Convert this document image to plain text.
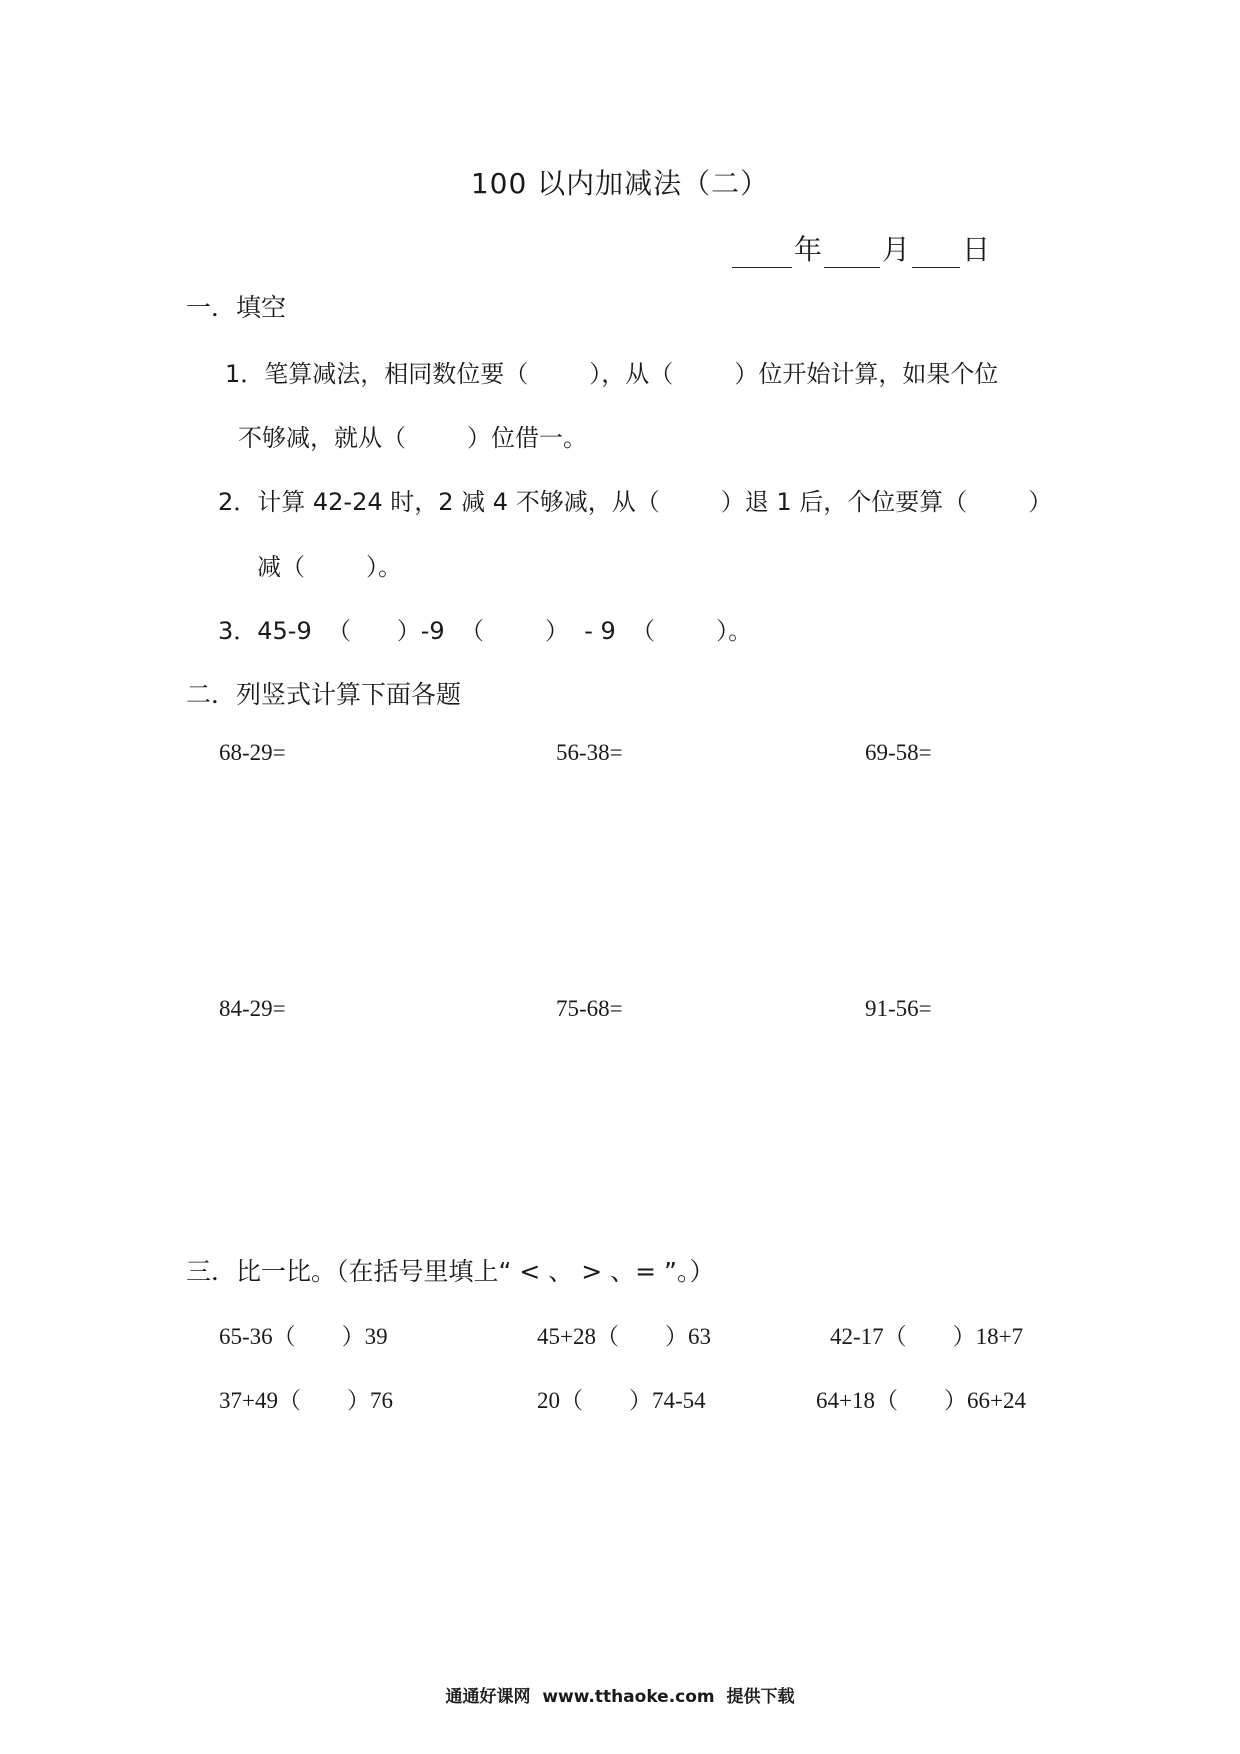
100 以内加减法（二）
年 月 日
一．填空
1．笔算减法，相同数位要（        ），从（        ）位开始计算，如果个位
不够减，就从（        ）位借一。
2．计算 42-24 时，2 减 4 不够减，从（        ）退 1 后，个位要算（        ）
减（        ）。
3．45-9  （      ）-9  （        ）  - 9  （        ）。
二．列竖式计算下面各题
68-29=	56-38=	69-58=
84-29=	75-68=	91-56=
三．比一比。（在括号里填上“ < 、 > 、= ”。）
65-36（        ）39	45+28（        ）63	42-17（        ）18+7
37+49（        ）76	20（        ）74-54	64+18（        ）66+24
通通好课网  www.tthaoke.com  提供下载
